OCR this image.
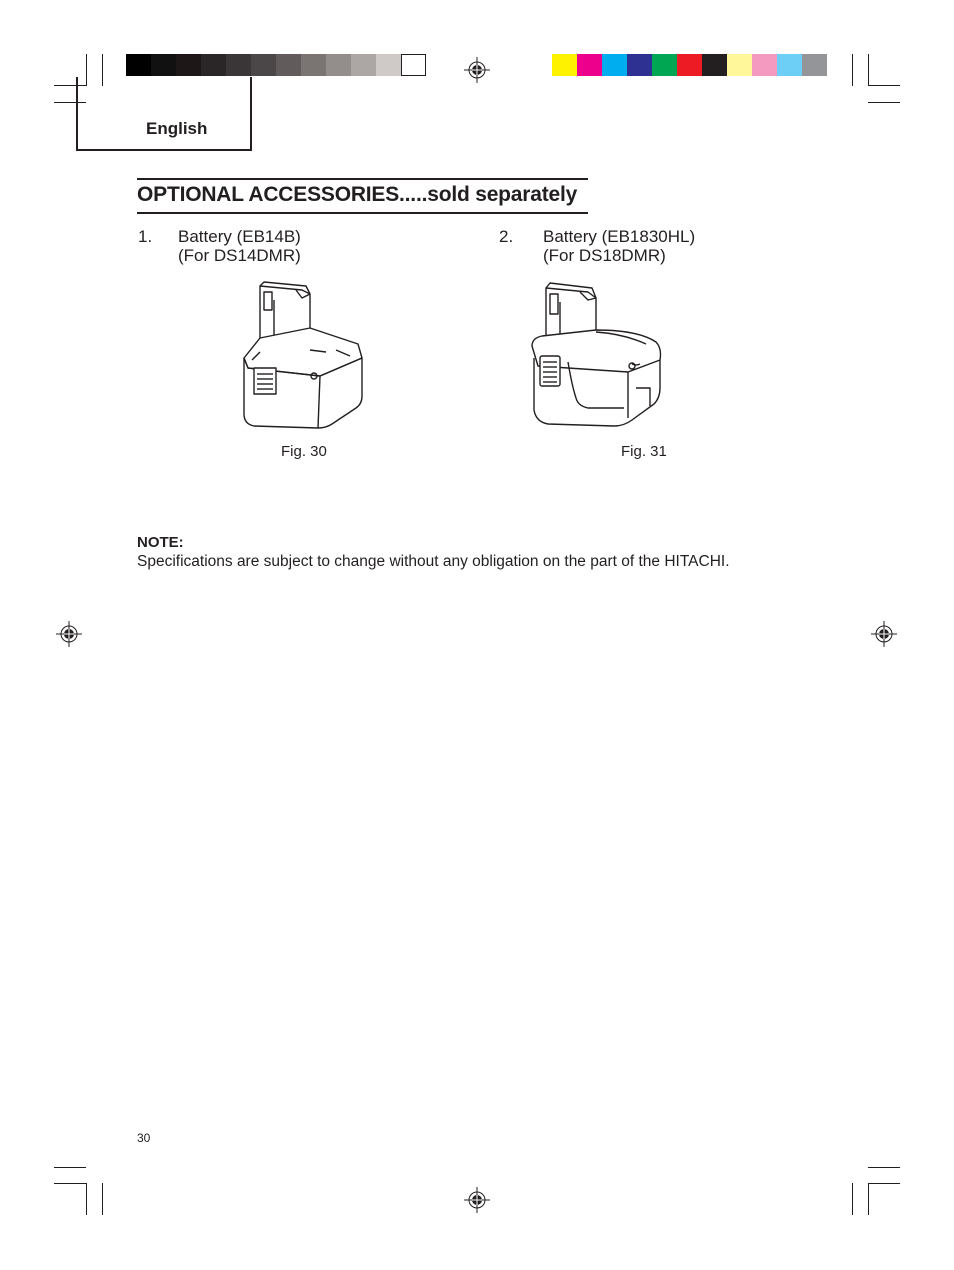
English
OPTIONAL ACCESSORIES.....sold separately
1. Battery (EB14B)
(For DS14DMR)
2. Battery (EB1830HL)
(For DS18DMR)
Fig. 30	Fig. 31
NOTE:
Specifications are subject to change without any obligation on the part of the HITACHI.
30
